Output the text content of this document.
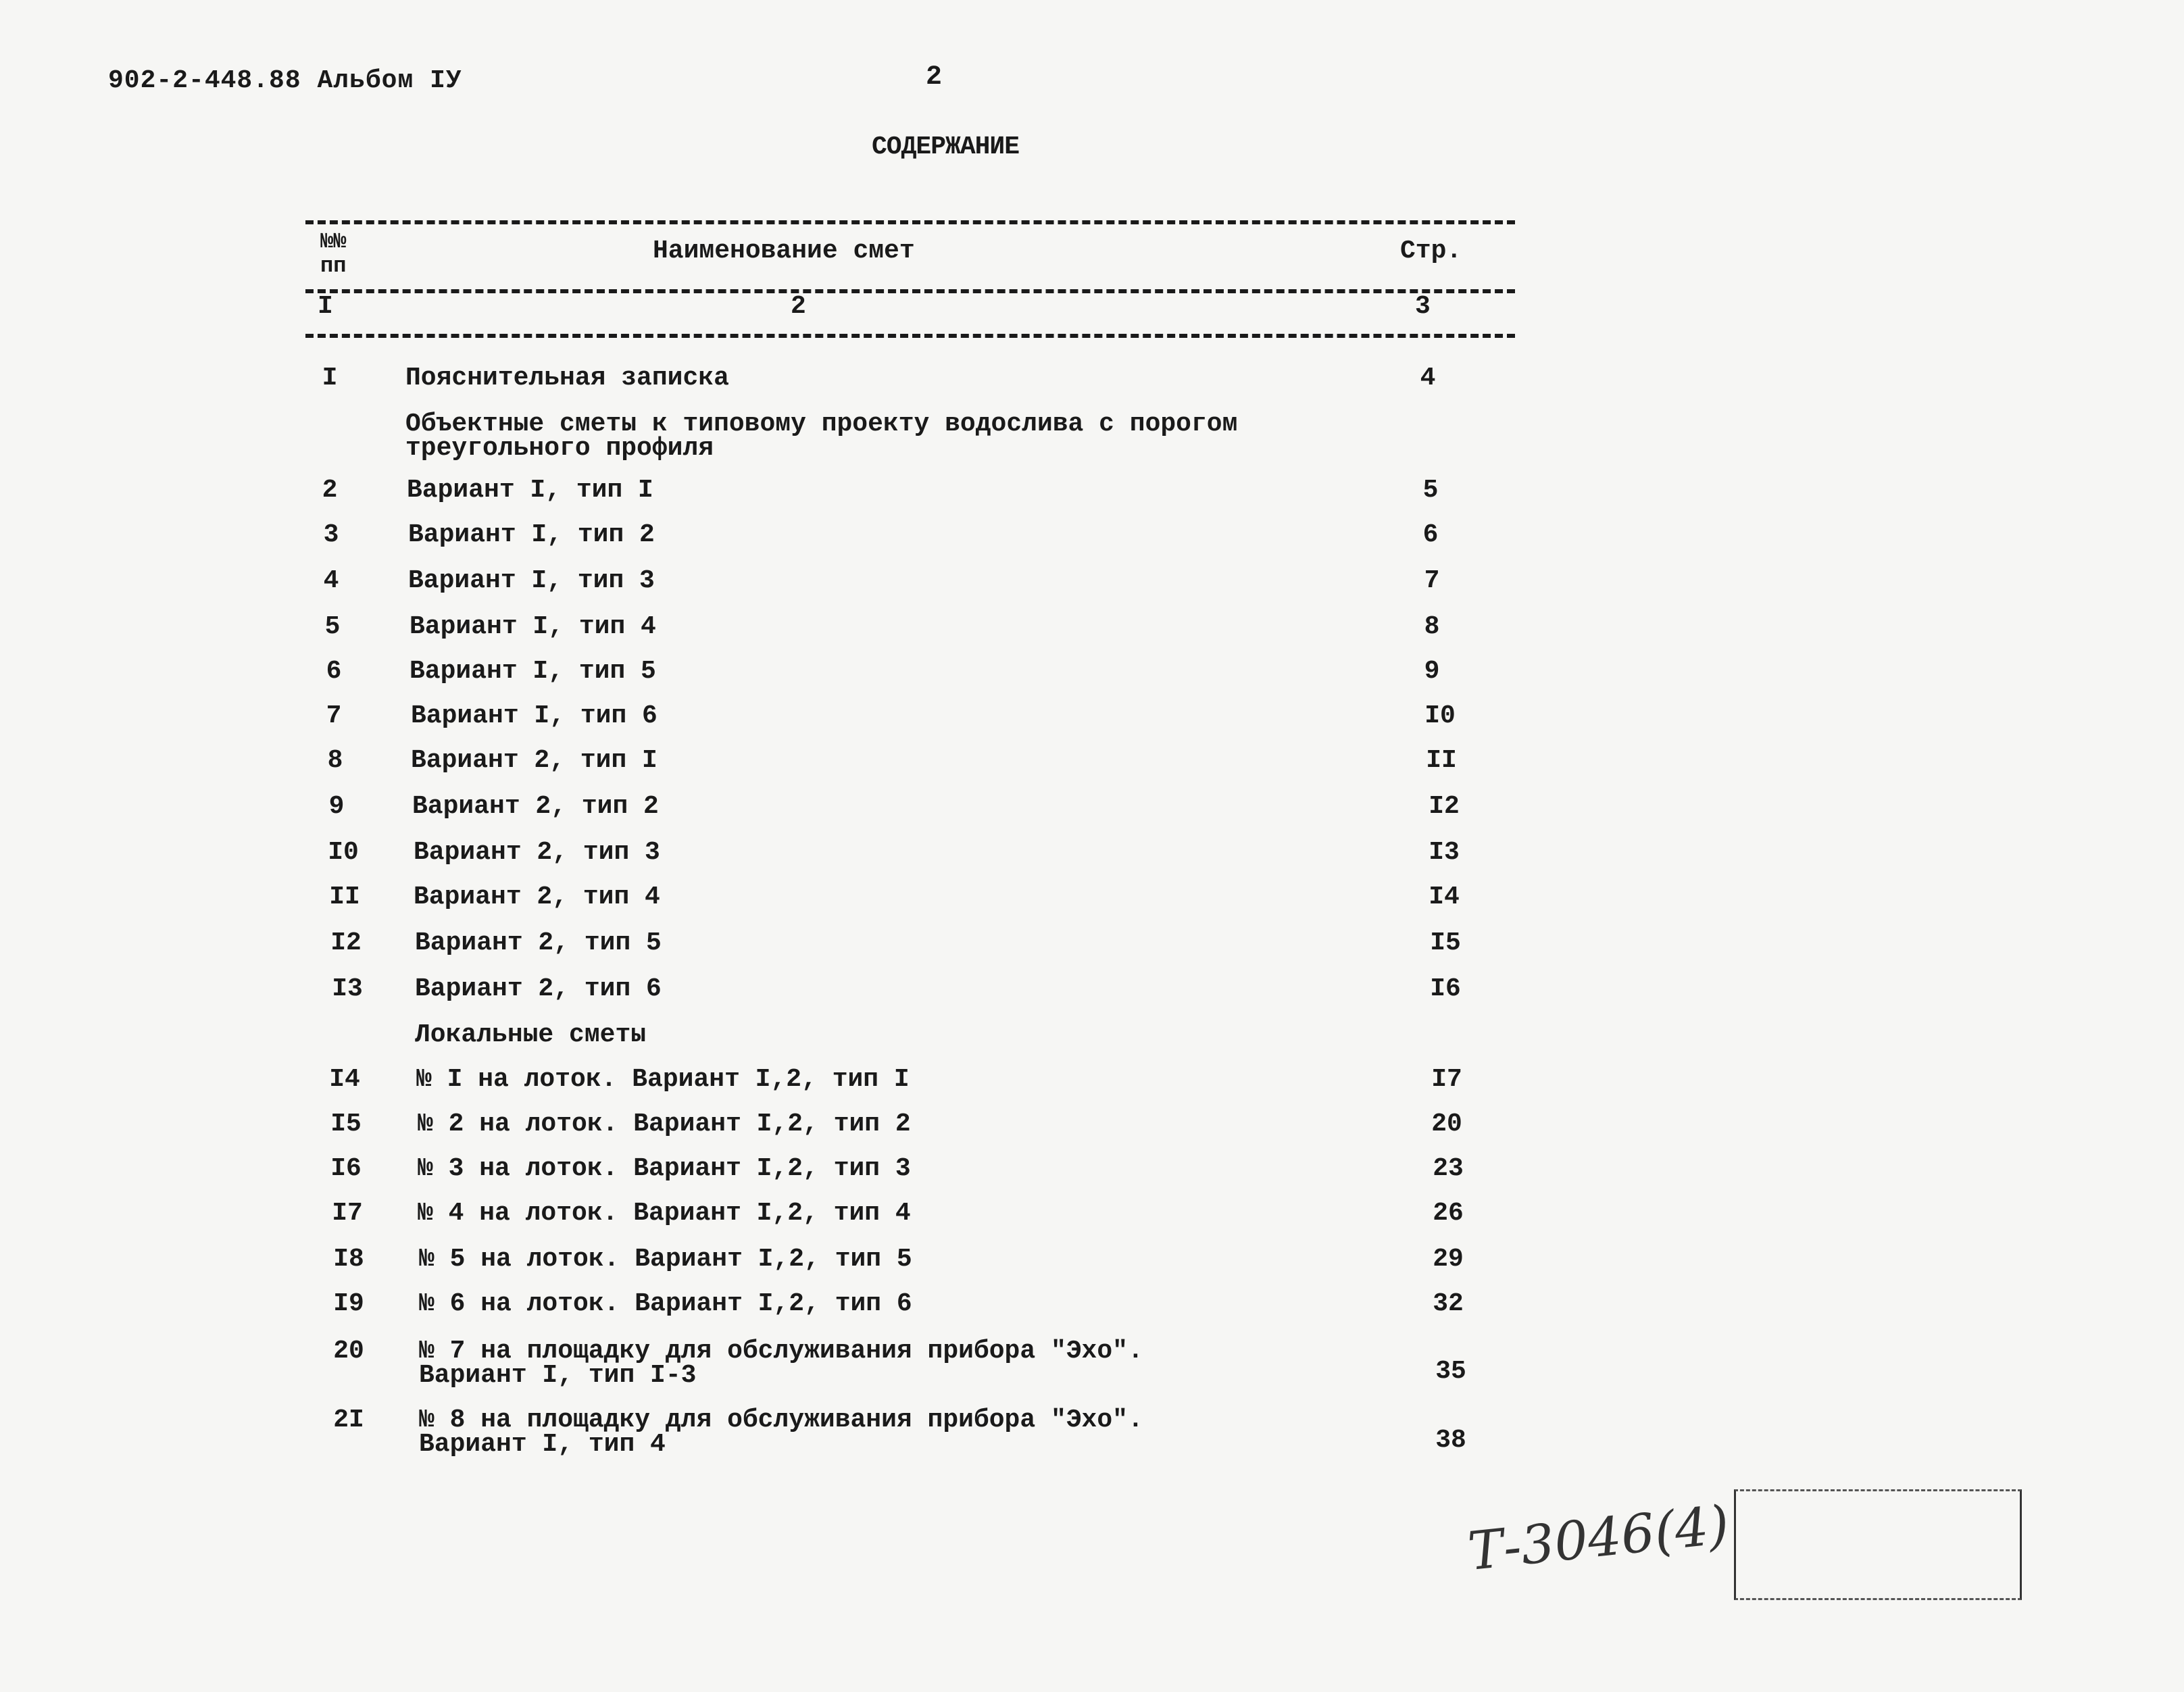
902-2-448.88 Альбом IУ	2
СОДЕРЖАНИЕ
№№ пп
Наименование смет	Стр.
I	2	3
I	Пояснительная записка	4
Объектные сметы к типовому проекту водослива с порогом
треугольного профиля
2	Вариант I, тип I	5
3	Вариант I, тип 2	6
4	Вариант I, тип 3	7
5	Вариант I, тип 4	8
6	Вариант I, тип 5	9
7	Вариант I, тип 6	I0
8	Вариант 2, тип I	II
9	Вариант 2, тип 2	I2
I0	Вариант 2, тип 3	I3
II	Вариант 2, тип 4	I4
I2	Вариант 2, тип 5	I5
I3	Вариант 2, тип 6	I6
Локальные сметы
I4	№ I на лоток. Вариант I,2, тип I	I7
I5	№ 2 на лоток. Вариант I,2, тип 2	20
I6	№ 3 на лоток. Вариант I,2, тип 3	23
I7	№ 4 на лоток. Вариант I,2, тип 4	26
I8	№ 5 на лоток. Вариант I,2, тип 5	29
I9	№ 6 на лоток. Вариант I,2, тип 6	32
20	№ 7 на площадку для обслуживания прибора "Эхо".
Вариант I, тип I-3	35
2I	№ 8 на площадку для обслуживания прибора "Эхо".
Вариант I, тип 4	38
Т-3046(4)
